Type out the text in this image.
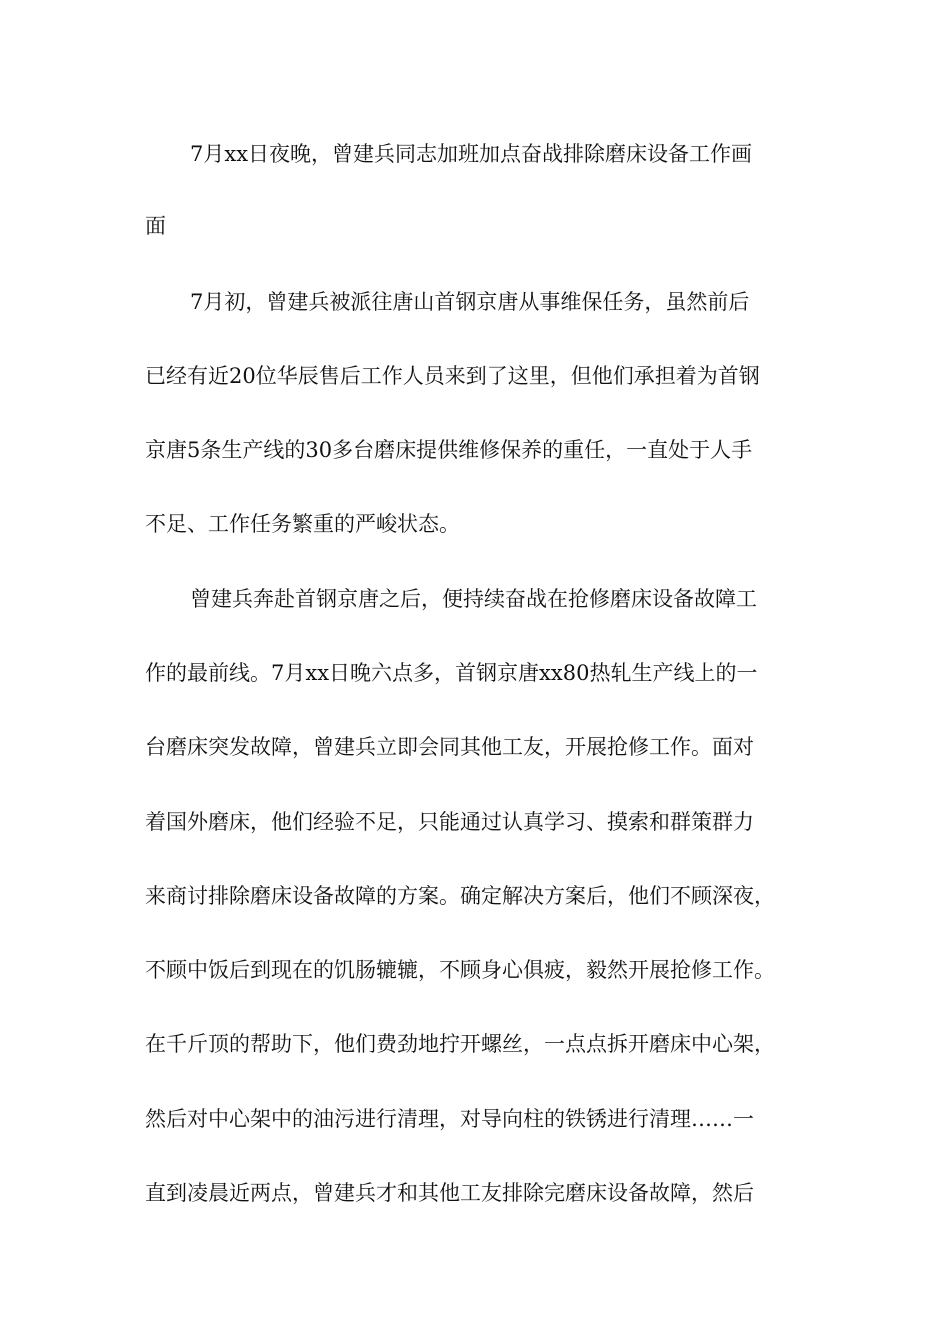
7月xx日夜晚，曾建兵同志加班加点奋战排除磨床设备工作画
面
7月初，曾建兵被派往唐山首钢京唐从事维保任务，虽然前后
已经有近20位华辰售后工作人员来到了这里，但他们承担着为首钢
京唐5条生产线的30多台磨床提供维修保养的重任，一直处于人手
不足、工作任务繁重的严峻状态。
曾建兵奔赴首钢京唐之后，便持续奋战在抢修磨床设备故障工
作的最前线。7月xx日晚六点多，首钢京唐xx80热轧生产线上的一
台磨床突发故障，曾建兵立即会同其他工友，开展抢修工作。面对
着国外磨床，他们经验不足，只能通过认真学习、摸索和群策群力
来商讨排除磨床设备故障的方案。确定解决方案后，他们不顾深夜，
不顾中饭后到现在的饥肠辘辘，不顾身心俱疲，毅然开展抢修工作。
在千斤顶的帮助下，他们费劲地拧开螺丝，一点点拆开磨床中心架，
然后对中心架中的油污进行清理，对导向柱的铁锈进行清理……一
直到凌晨近两点，曾建兵才和其他工友排除完磨床设备故障，然后
